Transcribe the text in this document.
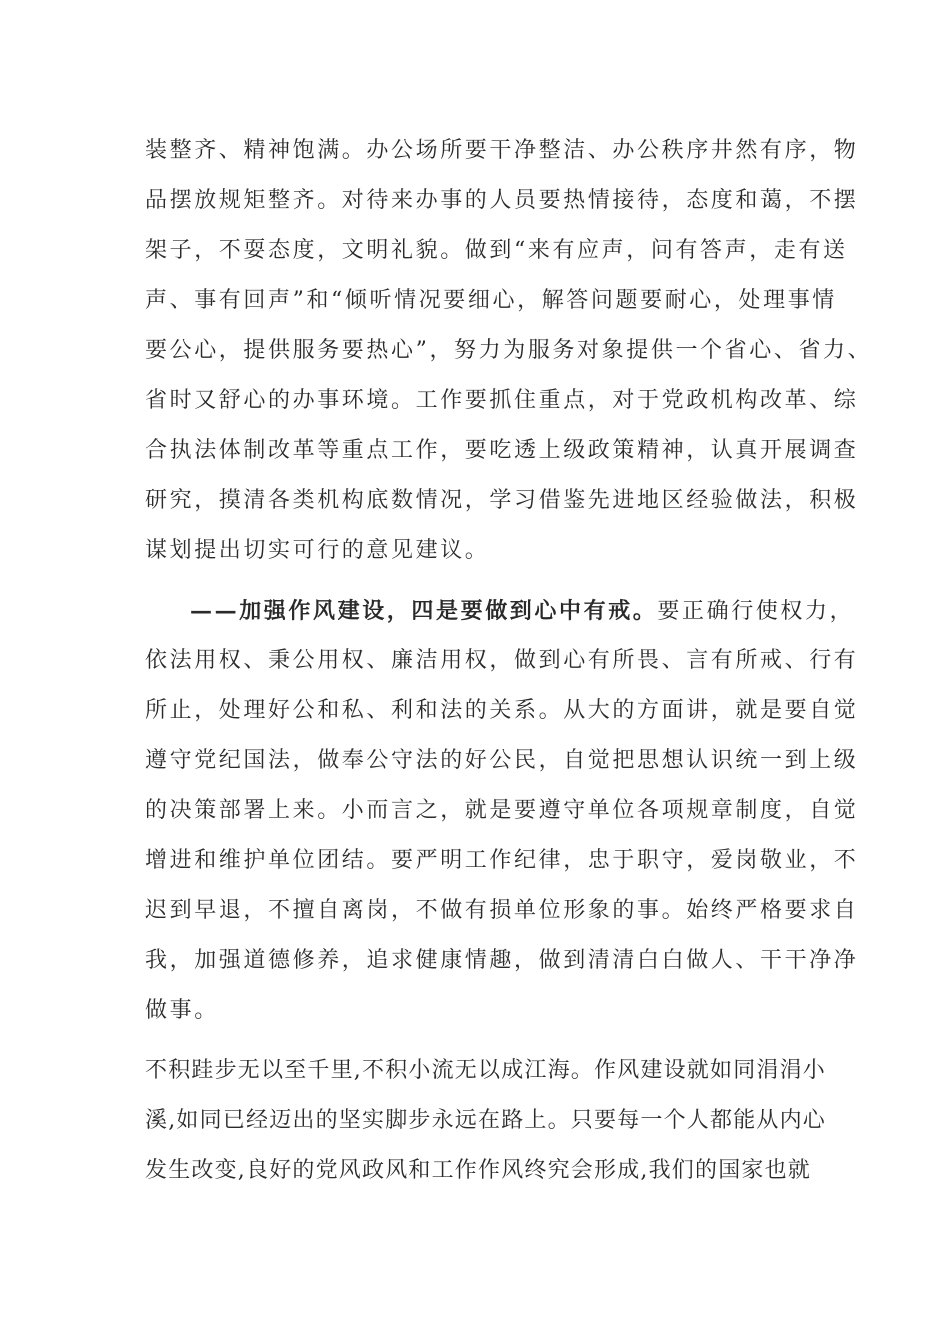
装整齐、精神饱满。办公场所要干净整洁、办公秩序井然有序，物
品摆放规矩整齐。对待来办事的人员要热情接待，态度和蔼，不摆
架子，不耍态度，文明礼貌。做到“来有应声，问有答声，走有送
声、事有回声”和“倾听情况要细心，解答问题要耐心，处理事情
要公心，提供服务要热心”，努力为服务对象提供一个省心、省力、
省时又舒心的办事环境。工作要抓住重点，对于党政机构改革、综
合执法体制改革等重点工作，要吃透上级政策精神，认真开展调查
研究，摸清各类机构底数情况，学习借鉴先进地区经验做法，积极
谋划提出切实可行的意见建议。
——加强作风建设，四是要做到心中有戒。要正确行使权力，
依法用权、秉公用权、廉洁用权，做到心有所畏、言有所戒、行有
所止，处理好公和私、利和法的关系。从大的方面讲，就是要自觉
遵守党纪国法，做奉公守法的好公民，自觉把思想认识统一到上级
的决策部署上来。小而言之，就是要遵守单位各项规章制度，自觉
增进和维护单位团结。要严明工作纪律，忠于职守，爱岗敬业，不
迟到早退，不擅自离岗，不做有损单位形象的事。始终严格要求自
我，加强道德修养，追求健康情趣，做到清清白白做人、干干净净
做事。
不积跬步无以至千里,不积小流无以成江海。作风建设就如同涓涓小
溪,如同已经迈出的坚实脚步永远在路上。只要每一个人都能从内心
发生改变,良好的党风政风和工作作风终究会形成,我们的国家也就
